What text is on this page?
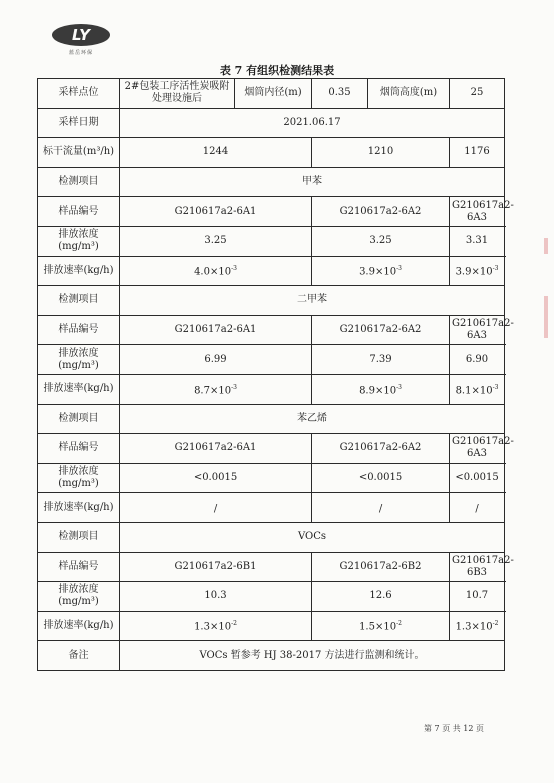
LY
蓝岳环保
表 7 有组织检测结果表
采样点位	2#包装工序活性炭吸附处理设施后	烟筒内径(m)	0.35	烟筒高度(m)	25
采样日期	2021.06.17				
标干流量(m³/h)	1244		1210		1176
检测项目	甲苯				
样品编号	G210617a2-6A1		G210617a2-6A2		G210617a2-6A3
排放浓度(mg/m³)	3.25		3.25		3.31
排放速率(kg/h)	$4.0\times 10^{-3}$		$3.9\times 10^{-3}$		$3.9\times 10^{-3}$
检测项目	二甲苯				
样品编号	G210617a2-6A1		G210617a2-6A2		G210617a2-6A3
排放浓度(mg/m³)	6.99		7.39		6.90
排放速率(kg/h)	$8.7\times 10^{-3}$		$8.9\times 10^{-3}$		$8.1\times 10^{-3}$
检测项目	苯乙烯				
样品编号	G210617a2-6A1		G210617a2-6A2		G210617a2-6A3
排放浓度(mg/m³)	<0.0015		<0.0015		<0.0015
排放速率(kg/h)	/		/		/
检测项目	VOCs				
样品编号	G210617a2-6B1		G210617a2-6B2		G210617a2-6B3
排放浓度(mg/m³)	10.3		12.6		10.7
排放速率(kg/h)	$1.3\times 10^{-2}$		$1.5\times 10^{-2}$		$1.3\times 10^{-2}$
备注	VOCs 暂参考 HJ 38-2017 方法进行监测和统计。				
第 7 页 共 12 页
